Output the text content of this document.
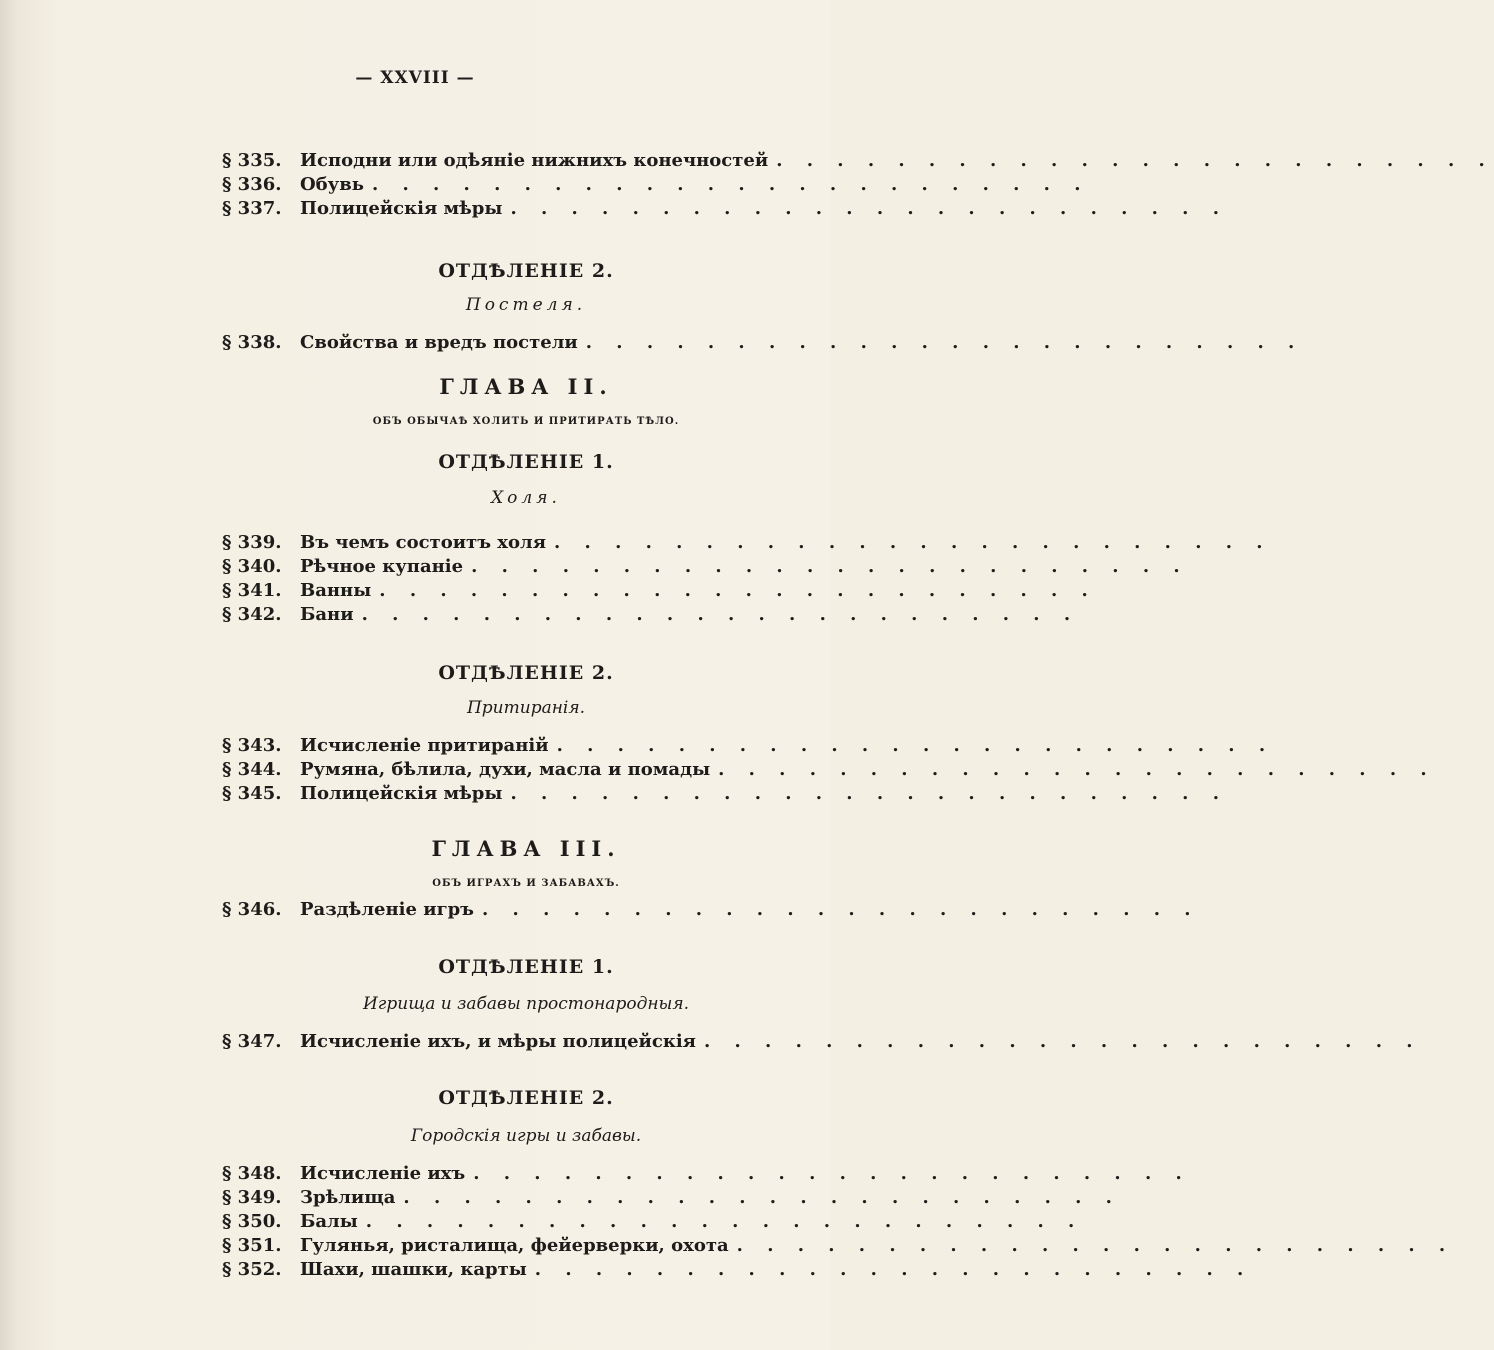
— XXVIII —
§ 335.	Исподни или одѣянiе нижнихъ конечностей . . . . . . . . . . . . . . . . . . . . . . . .
§ 336.	Обувь . . . . . . . . . . . . . . . . . . . . . . . .
§ 337.	Полицейскiя мѣры . . . . . . . . . . . . . . . . . . . . . . . .
ОТДѢЛЕНIЕ 2.
Постеля.
§ 338.	Свойства и вредъ постели . . . . . . . . . . . . . . . . . . . . . . . .
ГЛАВА II.
ОБЪ ОБЫЧАѢ ХОЛИТЬ И ПРИТИРАТЬ ТѢЛО.
ОТДѢЛЕНIЕ 1.
Холя.
§ 339.	Въ чемъ состоитъ холя . . . . . . . . . . . . . . . . . . . . . . . .
§ 340.	Рѣчное купанiе . . . . . . . . . . . . . . . . . . . . . . . .
§ 341.	Ванны . . . . . . . . . . . . . . . . . . . . . . . .
§ 342.	Бани . . . . . . . . . . . . . . . . . . . . . . . .
ОТДѢЛЕНIЕ 2.
Притиранiя.
§ 343.	Исчисленiе притиранiй . . . . . . . . . . . . . . . . . . . . . . . .
§ 344.	Румяна, бѣлила, духи, масла и помады . . . . . . . . . . . . . . . . . . . . . . . .
§ 345.	Полицейскiя мѣры . . . . . . . . . . . . . . . . . . . . . . . .
ГЛАВА III.
ОБЪ ИГРАХЪ И ЗАБАВАХЪ.
§ 346.	Раздѣленiе игръ . . . . . . . . . . . . . . . . . . . . . . . .
ОТДѢЛЕНIЕ 1.
Игрища и забавы простонародныя.
§ 347.	Исчисленiе ихъ, и мѣры полицейскiя . . . . . . . . . . . . . . . . . . . . . . . .
ОТДѢЛЕНIЕ 2.
Городскiя игры и забавы.
§ 348.	Исчисленiе ихъ . . . . . . . . . . . . . . . . . . . . . . . .
§ 349.	Зрѣлища . . . . . . . . . . . . . . . . . . . . . . . .
§ 350.	Балы . . . . . . . . . . . . . . . . . . . . . . . .
§ 351.	Гулянья, ристалища, фейерверки, охота . . . . . . . . . . . . . . . . . . . . . . . .
§ 352.	Шахи, шашки, карты . . . . . . . . . . . . . . . . . . . . . . . .
